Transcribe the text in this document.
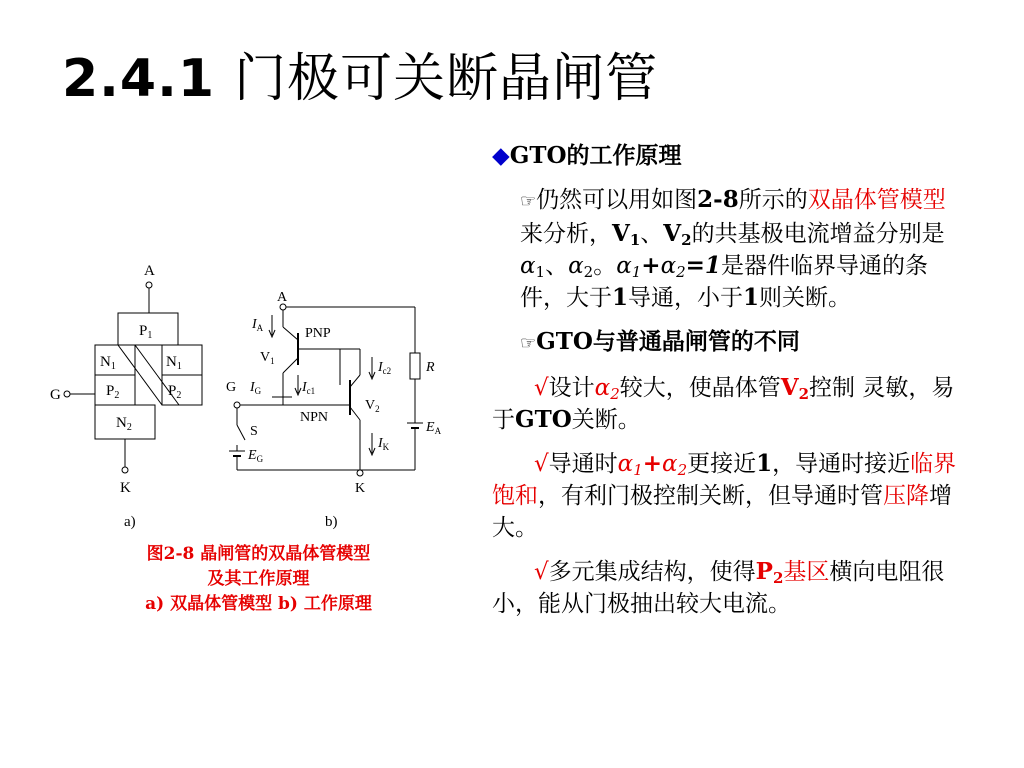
2.4.1 门极可关断晶闸管
A
$P_1$
$N_1$	$N_1$
$P_2$	$P_2$
$N_2$
G
K
A
$I_A$	PNP
$V_1$
G $I_G$	$I_{c1}$
$I_{c2}$
$V_2$
NPN
S
$E_G$
$I_K$
R
$E_A$
K
a)	b)
图2-8 晶闸管的双晶体管模型
及其工作原理
a) 双晶体管模型 b) 工作原理

◆GTO的工作原理

☞仍然可以用如图2-8所示的双晶体管模型来分析，$V_1$、$V_2$的共基极电流增益分别是$\alpha_1$、$\alpha_2$。$\alpha_1+\alpha_2=1$是器件临界导通的条件，大于1导通，小于1则关断。

☞GTO与普通晶闸管的不同

√设计$\alpha_2$较大，使晶体管$V_2$控制 灵敏，易于GTO关断。

√导通时$\alpha_1+\alpha_2$更接近1，导通时接近临界饱和，有利门极控制关断，但导通时管压降增大。

√多元集成结构，使得$P_2$基区横向电阻很小，能从门极抽出较大电流。
